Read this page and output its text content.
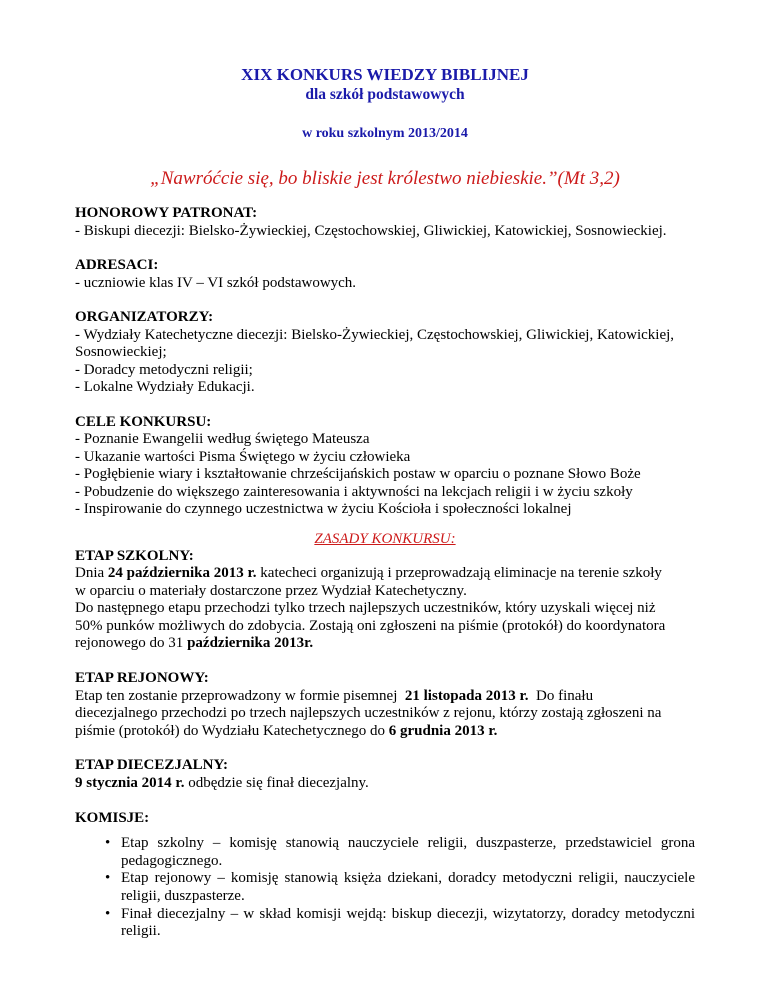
XIX KONKURS WIEDZY BIBLIJNEJ
dla szkół podstawowych
w roku szkolnym 2013/2014
„Nawróćcie się, bo bliskie jest królestwo niebieskie.”(Mt 3,2)
HONOROWY PATRONAT:
- Biskupi diecezji: Bielsko-Żywieckiej, Częstochowskiej, Gliwickiej, Katowickiej, Sosnowieckiej.
ADRESACI:
- uczniowie klas IV – VI szkół podstawowych.
ORGANIZATORZY:
- Wydziały Katechetyczne diecezji: Bielsko-Żywieckiej, Częstochowskiej, Gliwickiej, Katowickiej,
Sosnowieckiej;
- Doradcy metodyczni religii;
- Lokalne Wydziały Edukacji.
CELE KONKURSU:
- Poznanie Ewangelii według świętego Mateusza
- Ukazanie wartości Pisma Świętego w życiu człowieka
- Pogłębienie wiary i kształtowanie chrześcijańskich postaw w oparciu o poznane Słowo Boże
- Pobudzenie do większego zainteresowania i aktywności na lekcjach religii i w życiu szkoły
- Inspirowanie do czynnego uczestnictwa w życiu Kościoła i społeczności lokalnej
ZASADY KONKURSU:
ETAP SZKOLNY:
Dnia 24 października 2013 r. katecheci organizują i przeprowadzają eliminacje na terenie szkoły
w oparciu o materiały dostarczone przez Wydział Katechetyczny.
Do następnego etapu przechodzi tylko trzech najlepszych uczestników, który uzyskali więcej niż
50% punków możliwych do zdobycia. Zostają oni zgłoszeni na piśmie (protokół) do koordynatora
rejonowego do 31 października 2013r.
ETAP REJONOWY:
Etap ten zostanie przeprowadzony w formie pisemnej  21 listopada 2013 r.  Do finału
diecezjalnego przechodzi po trzech najlepszych uczestników z rejonu, którzy zostają zgłoszeni na
piśmie (protokół) do Wydziału Katechetycznego do 6 grudnia 2013 r.
ETAP DIECEZJALNY:
9 stycznia 2014 r. odbędzie się finał diecezjalny.
KOMISJE:
• Etap szkolny – komisję stanowią nauczyciele religii, duszpasterze, przedstawiciel grona pedagogicznego.
• Etap rejonowy – komisję stanowią księża dziekani, doradcy metodyczni religii, nauczyciele religii, duszpasterze.
• Finał diecezjalny – w skład komisji wejdą: biskup diecezji, wizytatorzy, doradcy metodyczni religii.
